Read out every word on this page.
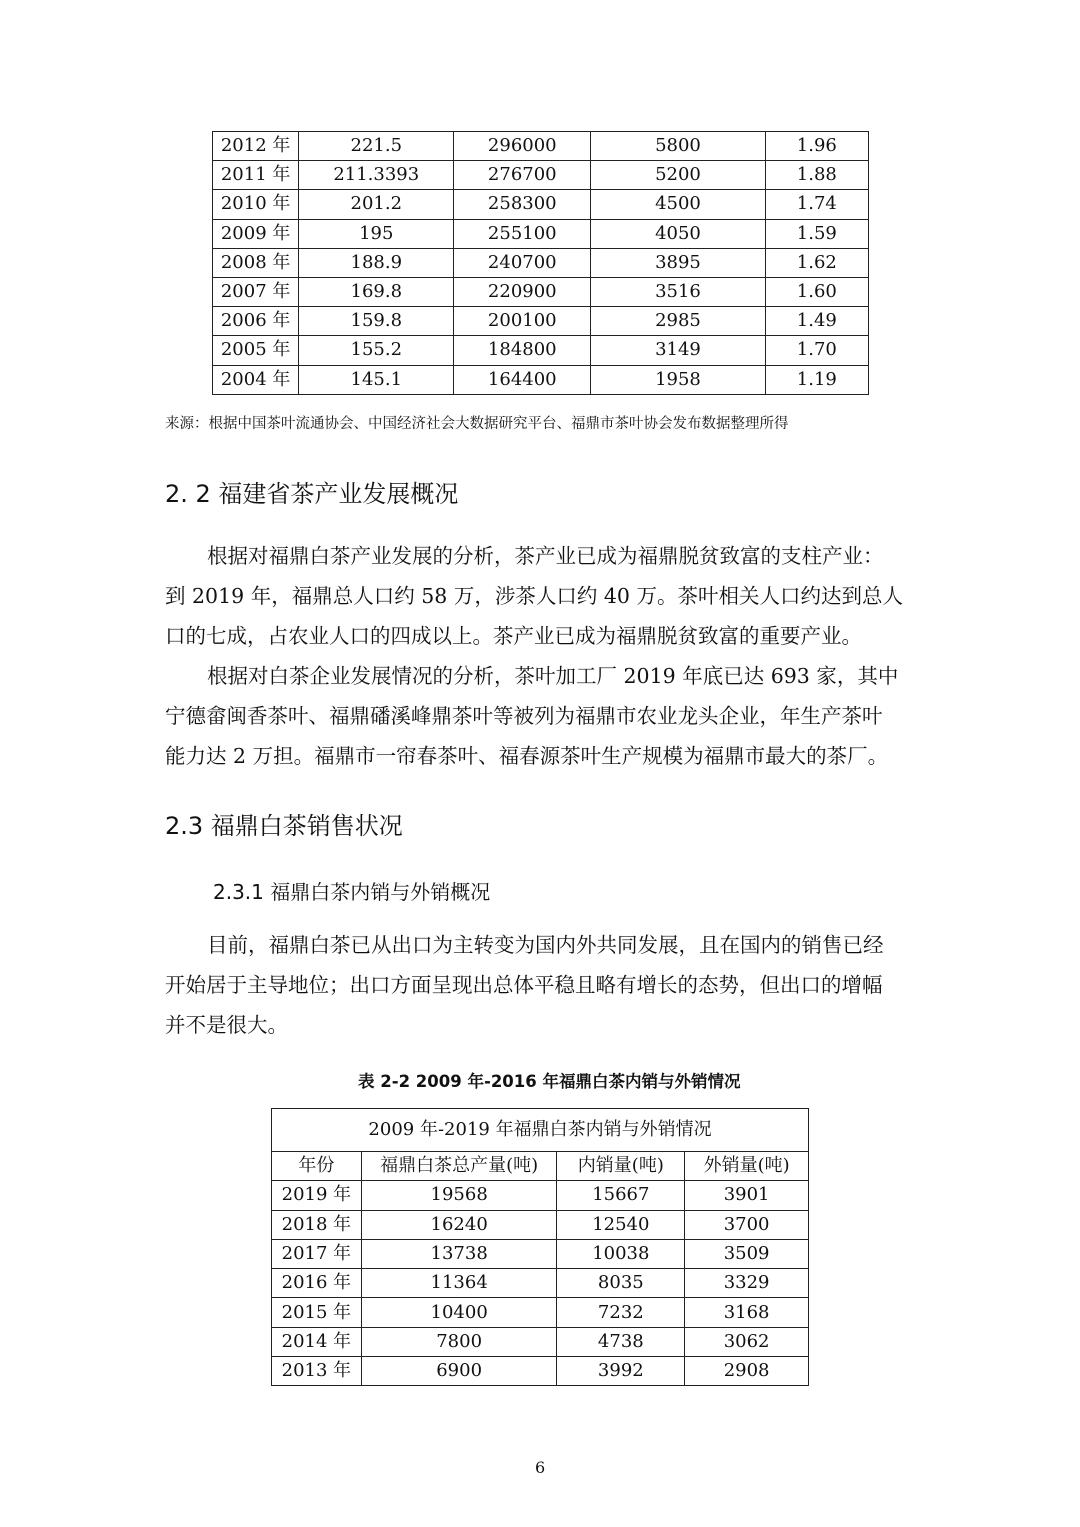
2012 年	221.5	296000	5800	1.96
2011 年	211.3393	276700	5200	1.88
2010 年	201.2	258300	4500	1.74
2009 年	195	255100	4050	1.59
2008 年	188.9	240700	3895	1.62
2007 年	169.8	220900	3516	1.60
2006 年	159.8	200100	2985	1.49
2005 年	155.2	184800	3149	1.70
2004 年	145.1	164400	1958	1.19
来源：根据中国茶叶流通协会、中国经济社会大数据研究平台、福鼎市茶叶协会发布数据整理所得
2. 2 福建省茶产业发展概况
根据对福鼎白茶产业发展的分析，茶产业已成为福鼎脱贫致富的支柱产业：
到 2019 年，福鼎总人口约 58 万，涉茶人口约 40 万。茶叶相关人口约达到总人
口的七成，占农业人口的四成以上。茶产业已成为福鼎脱贫致富的重要产业。
根据对白茶企业发展情况的分析，茶叶加工厂 2019 年底已达 693 家，其中
宁德畲闽香茶叶、福鼎磻溪峰鼎茶叶等被列为福鼎市农业龙头企业，年生产茶叶
能力达 2 万担。福鼎市一帘春茶叶、福春源茶叶生产规模为福鼎市最大的茶厂。
2.3 福鼎白茶销售状况
2.3.1 福鼎白茶内销与外销概况
目前，福鼎白茶已从出口为主转变为国内外共同发展，且在国内的销售已经
开始居于主导地位；出口方面呈现出总体平稳且略有增长的态势，但出口的增幅
并不是很大。
表 2-2 2009 年-2016 年福鼎白茶内销与外销情况
2009 年-2019 年福鼎白茶内销与外销情况			
年份	福鼎白茶总产量(吨)	内销量(吨)	外销量(吨)
2019 年	19568	15667	3901
2018 年	16240	12540	3700
2017 年	13738	10038	3509
2016 年	11364	8035	3329
2015 年	10400	7232	3168
2014 年	7800	4738	3062
2013 年	6900	3992	2908
6
